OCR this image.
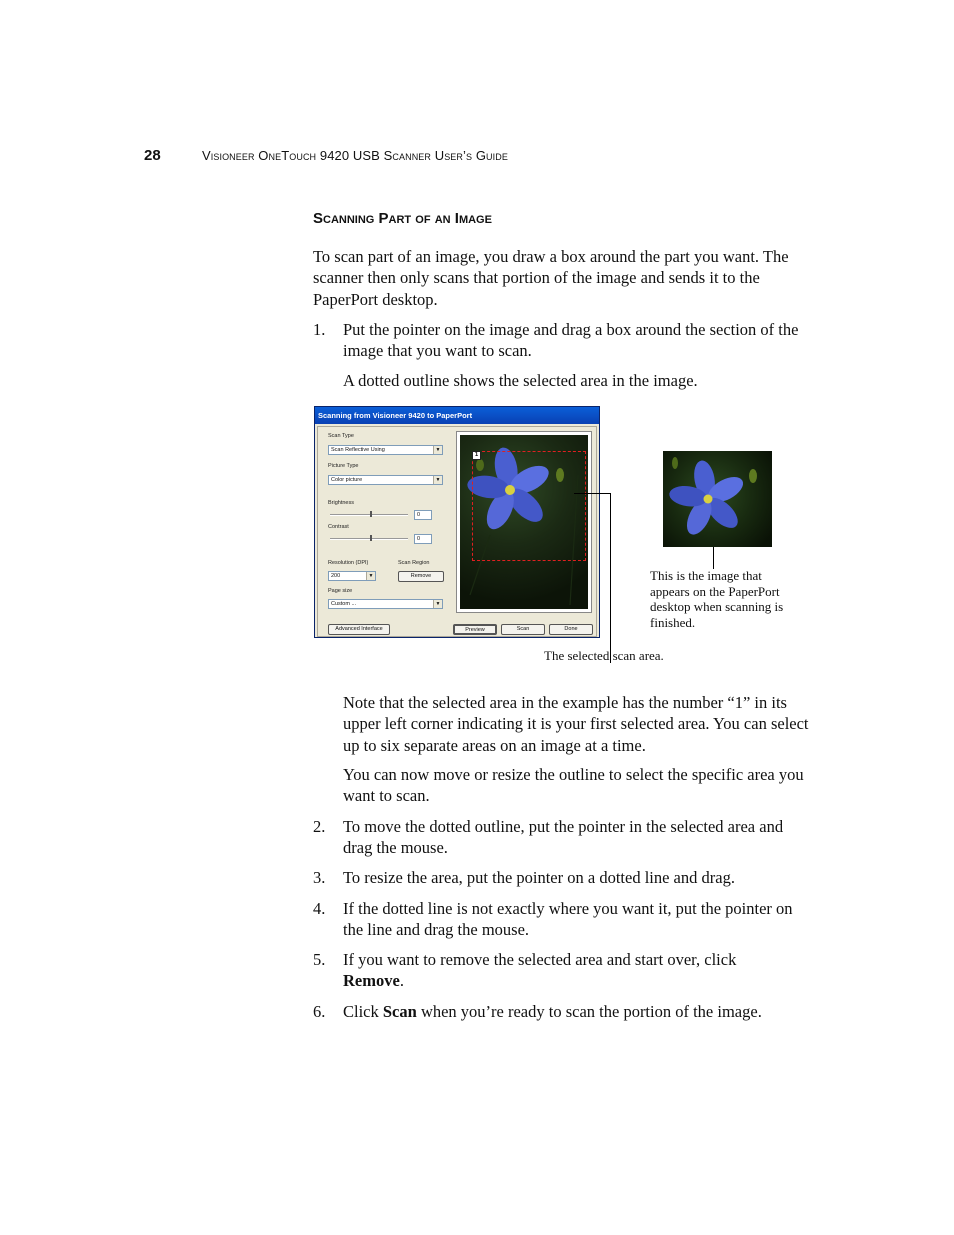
28	Visioneer OneTouch 9420 USB Scanner User’s Guide
Scanning Part of an Image
To scan part of an image, you draw a box around the part you want. The scanner then only scans that portion of the image and sends it to the PaperPort desktop.
1. Put the pointer on the image and drag a box around the section of the image that you want to scan.
A dotted outline shows the selected area in the image.
Scanning from Visioneer 9420 to PaperPort
Scan Type
Scan Reflective Using	▼
Picture Type
Color picture	▼
Brightness
0
Contrast
0
Resolution (DPI)	Scan Region
200	▼	Remove
Page size
Custom ...	▼
1
Advanced Interface	Preview	Scan	Done
This is the image that appears on the PaperPort desktop when scanning is finished.
The selected scan area.
Note that the selected area in the example has the number “1” in its upper left corner indicating it is your first selected area. You can select up to six separate areas on an image at a time.
You can now move or resize the outline to select the specific area you want to scan.
2. To move the dotted outline, put the pointer in the selected area and drag the mouse.
3. To resize the area, put the pointer on a dotted line and drag.
4. If the dotted line is not exactly where you want it, put the pointer on the line and drag the mouse.
5. If you want to remove the selected area and start over, click Remove.
6. Click Scan when you’re ready to scan the portion of the image.
